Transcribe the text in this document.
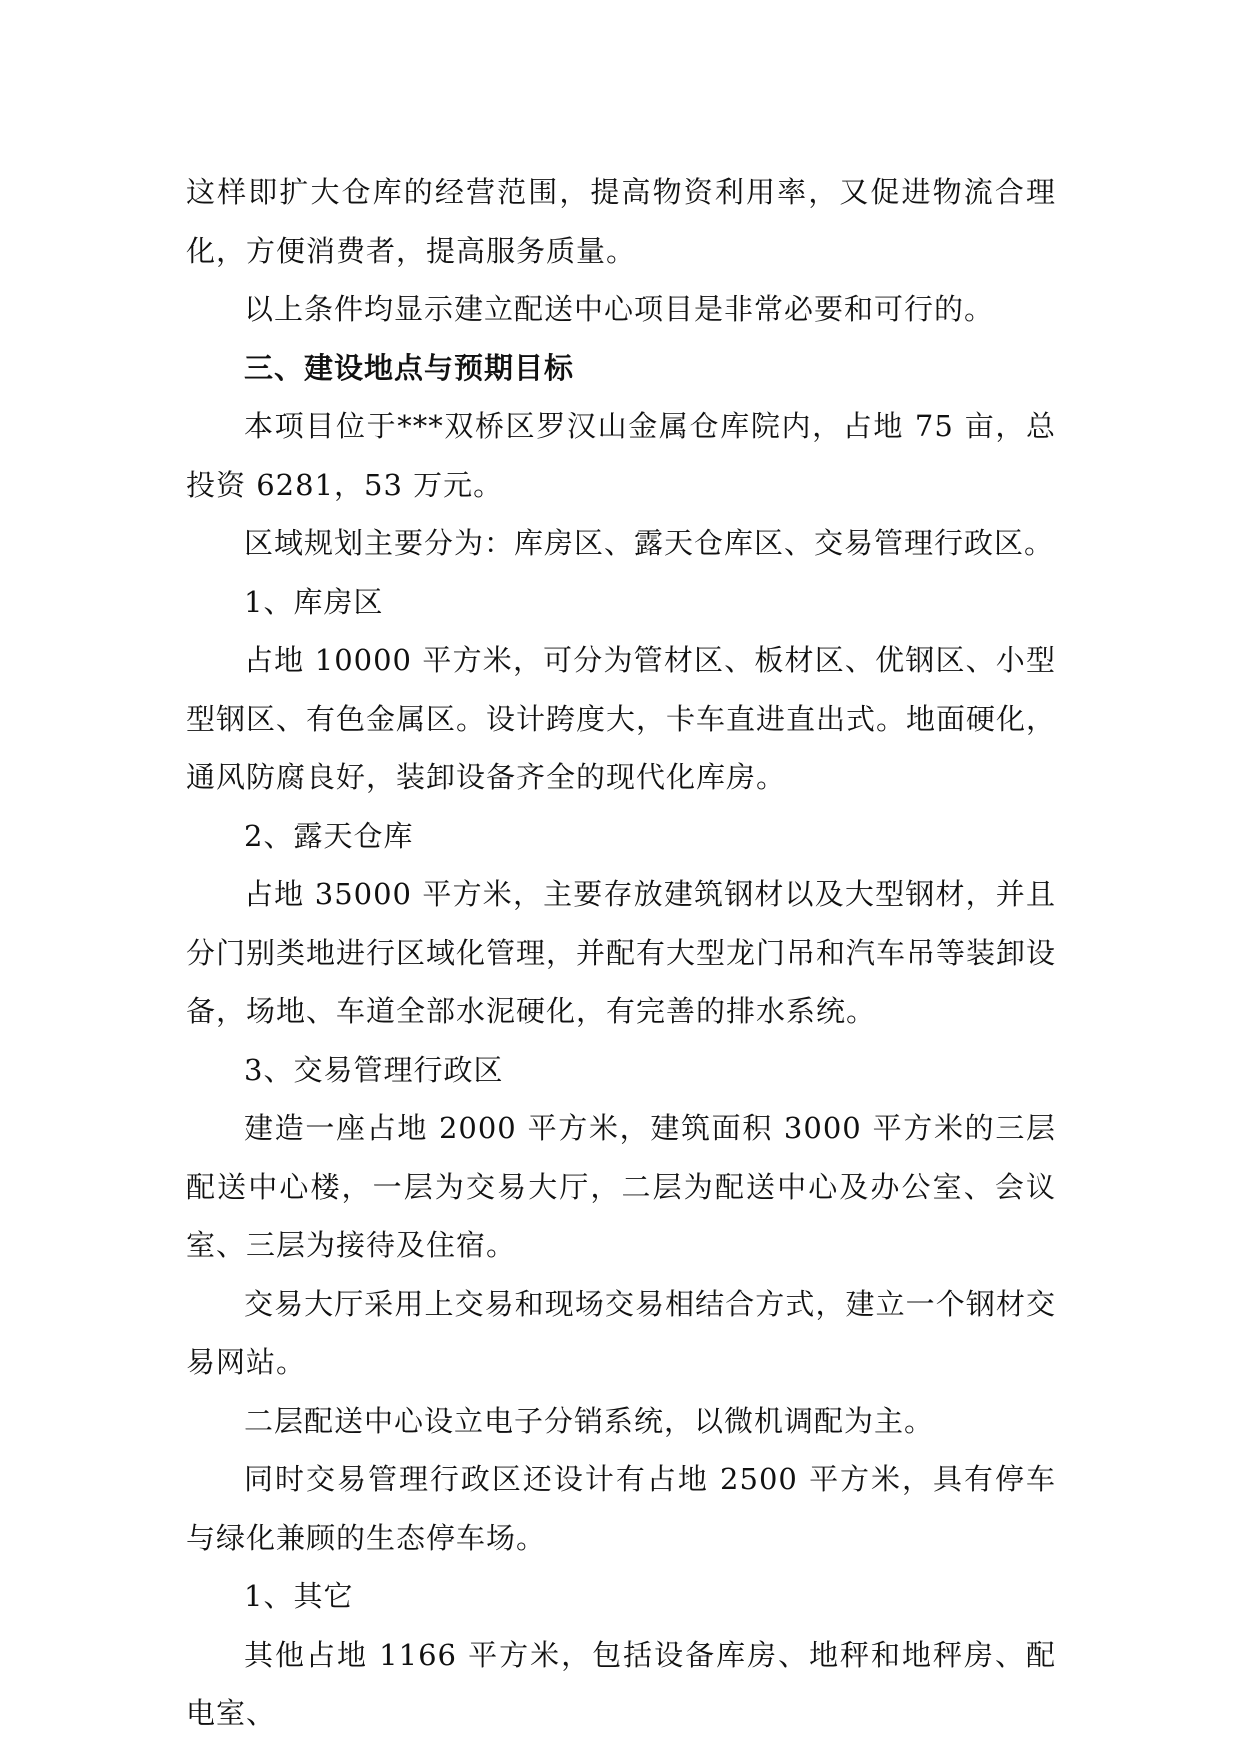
这样即扩大仓库的经营范围，提高物资利用率，又促进物流合理化，方便消费者，提高服务质量。

以上条件均显示建立配送中心项目是非常必要和可行的。

三、建设地点与预期目标

本项目位于***双桥区罗汉山金属仓库院内，占地 75 亩，总投资 6281，53 万元。

区域规划主要分为：库房区、露天仓库区、交易管理行政区。

1、库房区

占地 10000 平方米，可分为管材区、板材区、优钢区、小型型钢区、有色金属区。设计跨度大，卡车直进直出式。地面硬化，通风防腐良好，装卸设备齐全的现代化库房。

2、露天仓库

占地 35000 平方米，主要存放建筑钢材以及大型钢材，并且分门别类地进行区域化管理，并配有大型龙门吊和汽车吊等装卸设备，场地、车道全部水泥硬化，有完善的排水系统。

3、交易管理行政区

建造一座占地 2000 平方米，建筑面积 3000 平方米的三层配送中心楼，一层为交易大厅，二层为配送中心及办公室、会议室、三层为接待及住宿。

交易大厅采用上交易和现场交易相结合方式，建立一个钢材交易网站。

二层配送中心设立电子分销系统，以微机调配为主。

同时交易管理行政区还设计有占地 2500 平方米，具有停车与绿化兼顾的生态停车场。

1、其它

其他占地 1166 平方米，包括设备库房、地秤和地秤房、配电室、
